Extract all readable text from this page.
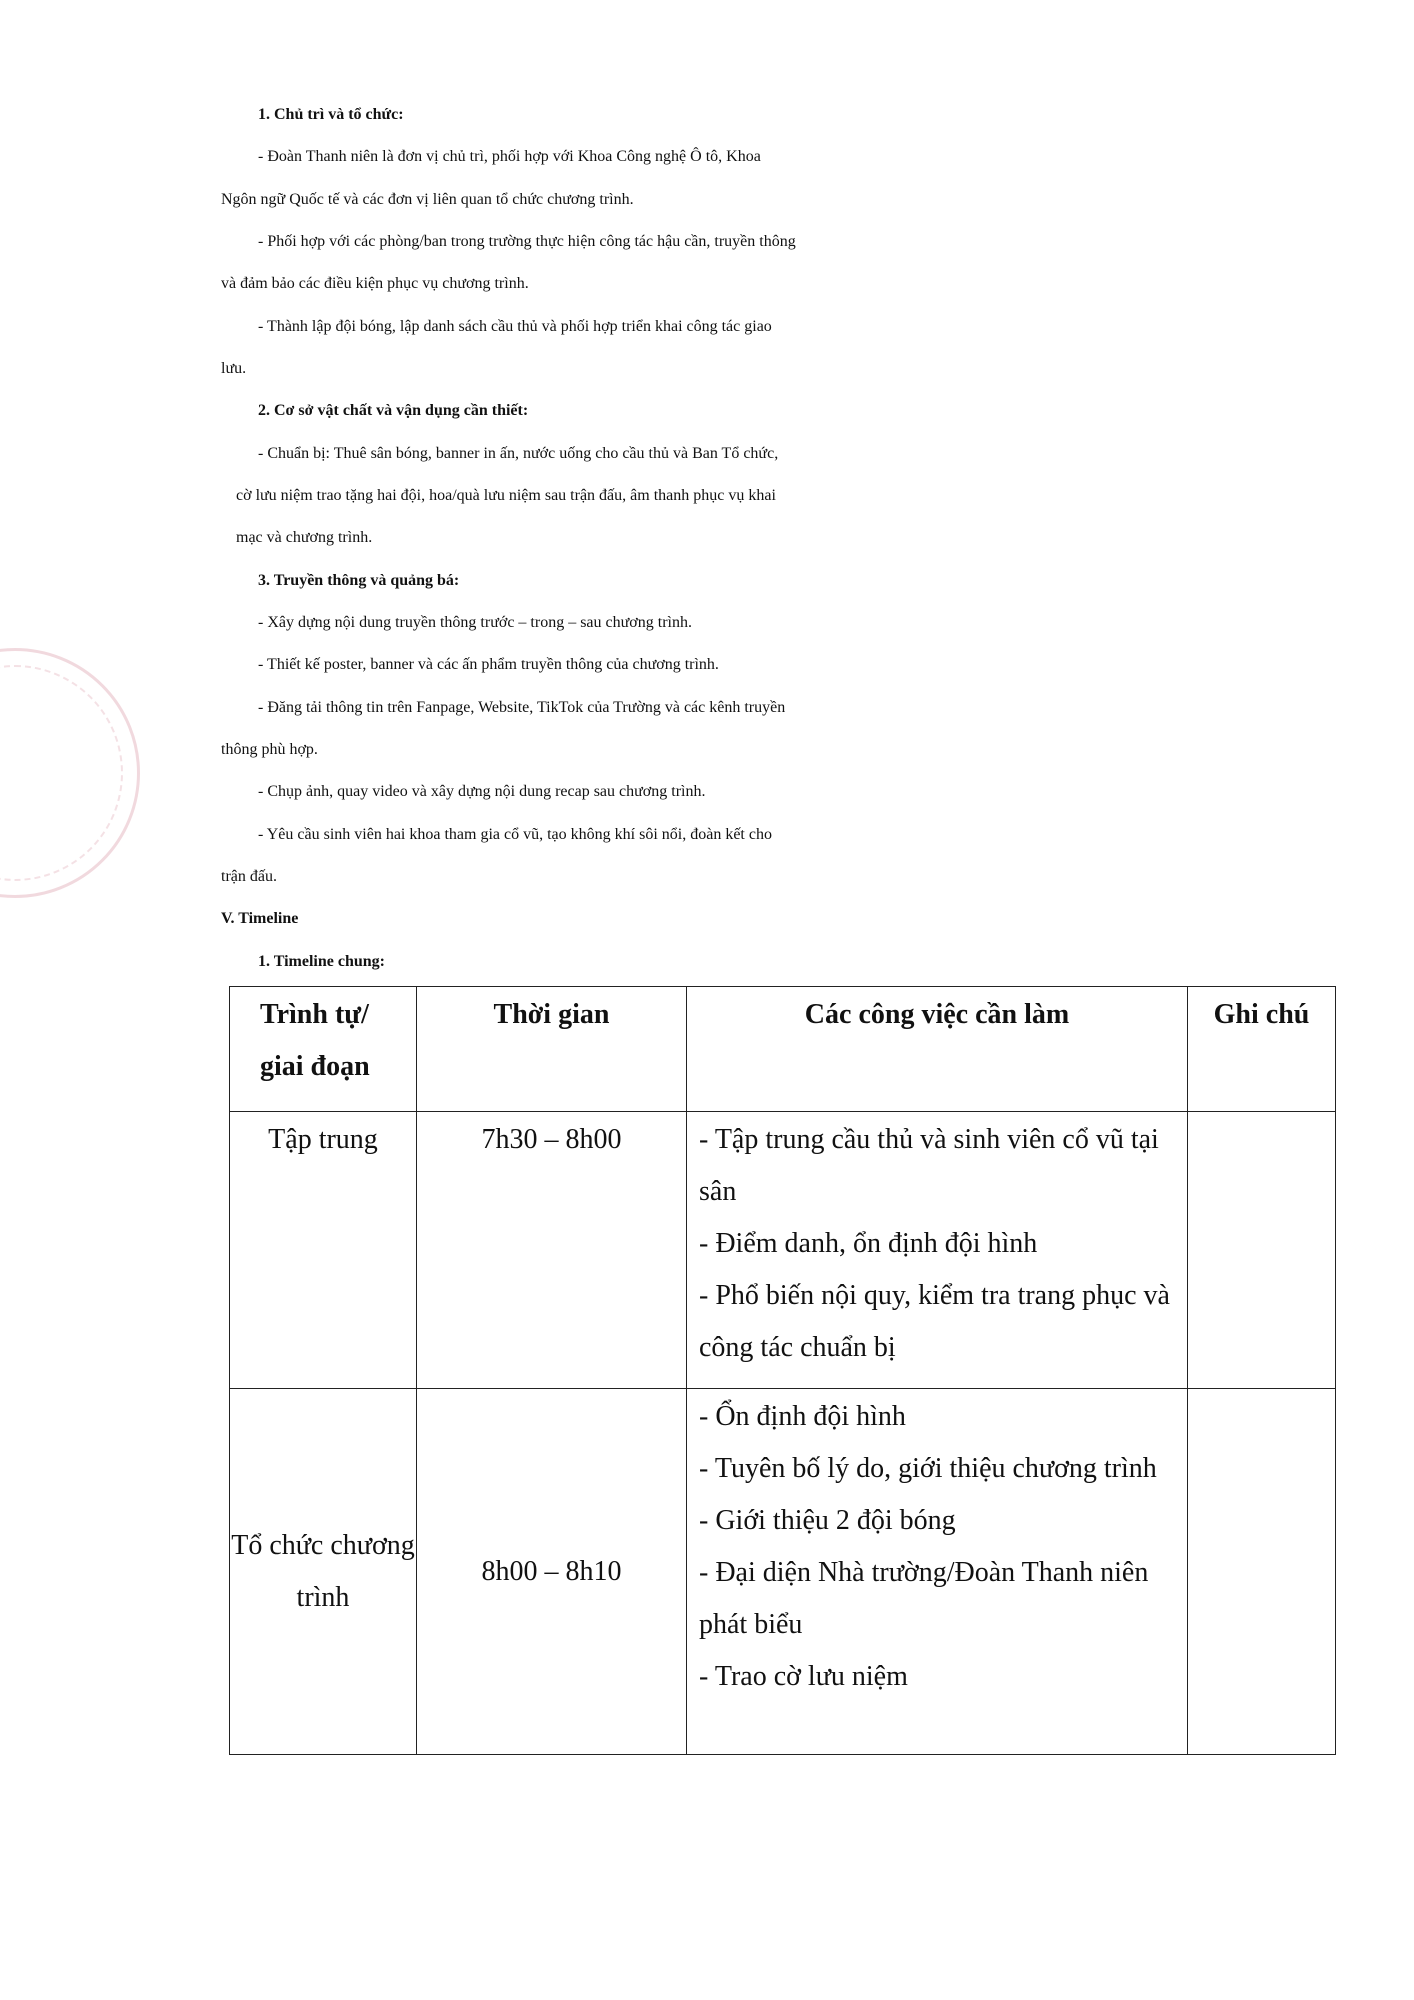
1. Chủ trì và tổ chức:
- Đoàn Thanh niên là đơn vị chủ trì, phối hợp với Khoa Công nghệ Ô tô, Khoa
Ngôn ngữ Quốc tế và các đơn vị liên quan tổ chức chương trình.
- Phối hợp với các phòng/ban trong trường thực hiện công tác hậu cần, truyền thông
và đảm bảo các điều kiện phục vụ chương trình.
- Thành lập đội bóng, lập danh sách cầu thủ và phối hợp triển khai công tác giao
lưu.
2. Cơ sở vật chất và vận dụng cần thiết:
- Chuẩn bị: Thuê sân bóng, banner in ấn, nước uống cho cầu thủ và Ban Tổ chức,
cờ lưu niệm trao tặng hai đội, hoa/quà lưu niệm sau trận đấu, âm thanh phục vụ khai
mạc và chương trình.
3. Truyền thông và quảng bá:
- Xây dựng nội dung truyền thông trước – trong – sau chương trình.
- Thiết kế poster, banner và các ấn phẩm truyền thông của chương trình.
- Đăng tải thông tin trên Fanpage, Website, TikTok của Trường và các kênh truyền
thông phù hợp.
- Chụp ảnh, quay video và xây dựng nội dung recap sau chương trình.
- Yêu cầu sinh viên hai khoa tham gia cổ vũ, tạo không khí sôi nổi, đoàn kết cho
trận đấu.
V. Timeline
1. Timeline chung:
Trình tự/ giai đoạn	Thời gian	Các công việc cần làm	Ghi chú
Tập trung	7h30 – 8h00	- Tập trung cầu thủ và sinh viên cổ vũ tại sân
- Điểm danh, ổn định đội hình
- Phổ biến nội quy, kiểm tra trang phục và công tác chuẩn bị	

Tổ chức chương trình	8h00 – 8h10	- Ổn định đội hình
- Tuyên bố lý do, giới thiệu chương trình
- Giới thiệu 2 đội bóng
- Đại diện Nhà trường/Đoàn Thanh niên phát biểu
- Trao cờ lưu niệm	
